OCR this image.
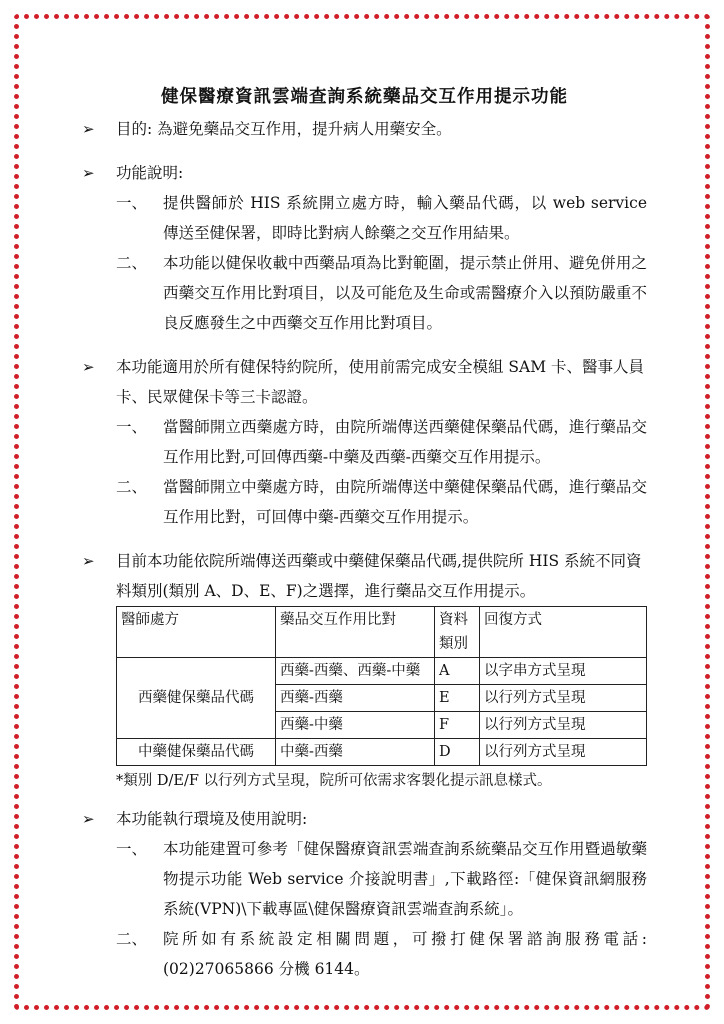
健保醫療資訊雲端查詢系統藥品交互作用提示功能
➢ 目的: 為避免藥品交互作用，提升病人用藥安全。
➢ 功能說明:
一、	提供醫師於 HIS 系統開立處方時，輸入藥品代碼，以 web service 傳送至健保署，即時比對病人餘藥之交互作用結果。
二、	本功能以健保收載中西藥品項為比對範圍，提示禁止併用、避免併用之西藥交互作用比對項目，以及可能危及生命或需醫療介入以預防嚴重不良反應發生之中西藥交互作用比對項目。
➢ 本功能適用於所有健保特約院所，使用前需完成安全模組 SAM 卡、醫事人員卡、民眾健保卡等三卡認證。
一、	當醫師開立西藥處方時，由院所端傳送西藥健保藥品代碼，進行藥品交互作用比對,可回傳西藥-中藥及西藥-西藥交互作用提示。
二、	當醫師開立中藥處方時，由院所端傳送中藥健保藥品代碼，進行藥品交互作用比對，可回傳中藥-西藥交互作用提示。
➢ 目前本功能依院所端傳送西藥或中藥健保藥品代碼,提供院所 HIS 系統不同資料類別(類別 A、D、E、F)之選擇，進行藥品交互作用提示。
醫師處方	藥品交互作用比對	資料類別	回復方式
西藥健保藥品代碼	西藥-西藥、西藥-中藥	A	以字串方式呈現
	西藥-西藥	E	以行列方式呈現
	西藥-中藥	F	以行列方式呈現
中藥健保藥品代碼	中藥-西藥	D	以行列方式呈現
*類別 D/E/F 以行列方式呈現，院所可依需求客製化提示訊息樣式。
➢ 本功能執行環境及使用說明:
一、	本功能建置可參考「健保醫療資訊雲端查詢系統藥品交互作用暨過敏藥物提示功能 Web service 介接說明書」,下載路徑:「健保資訊網服務系統(VPN)\下載專區\健保醫療資訊雲端查詢系統」。
二、	院所如有系統設定相關問題，可撥打健保署諮詢服務電話: (02)27065866 分機 6144。
